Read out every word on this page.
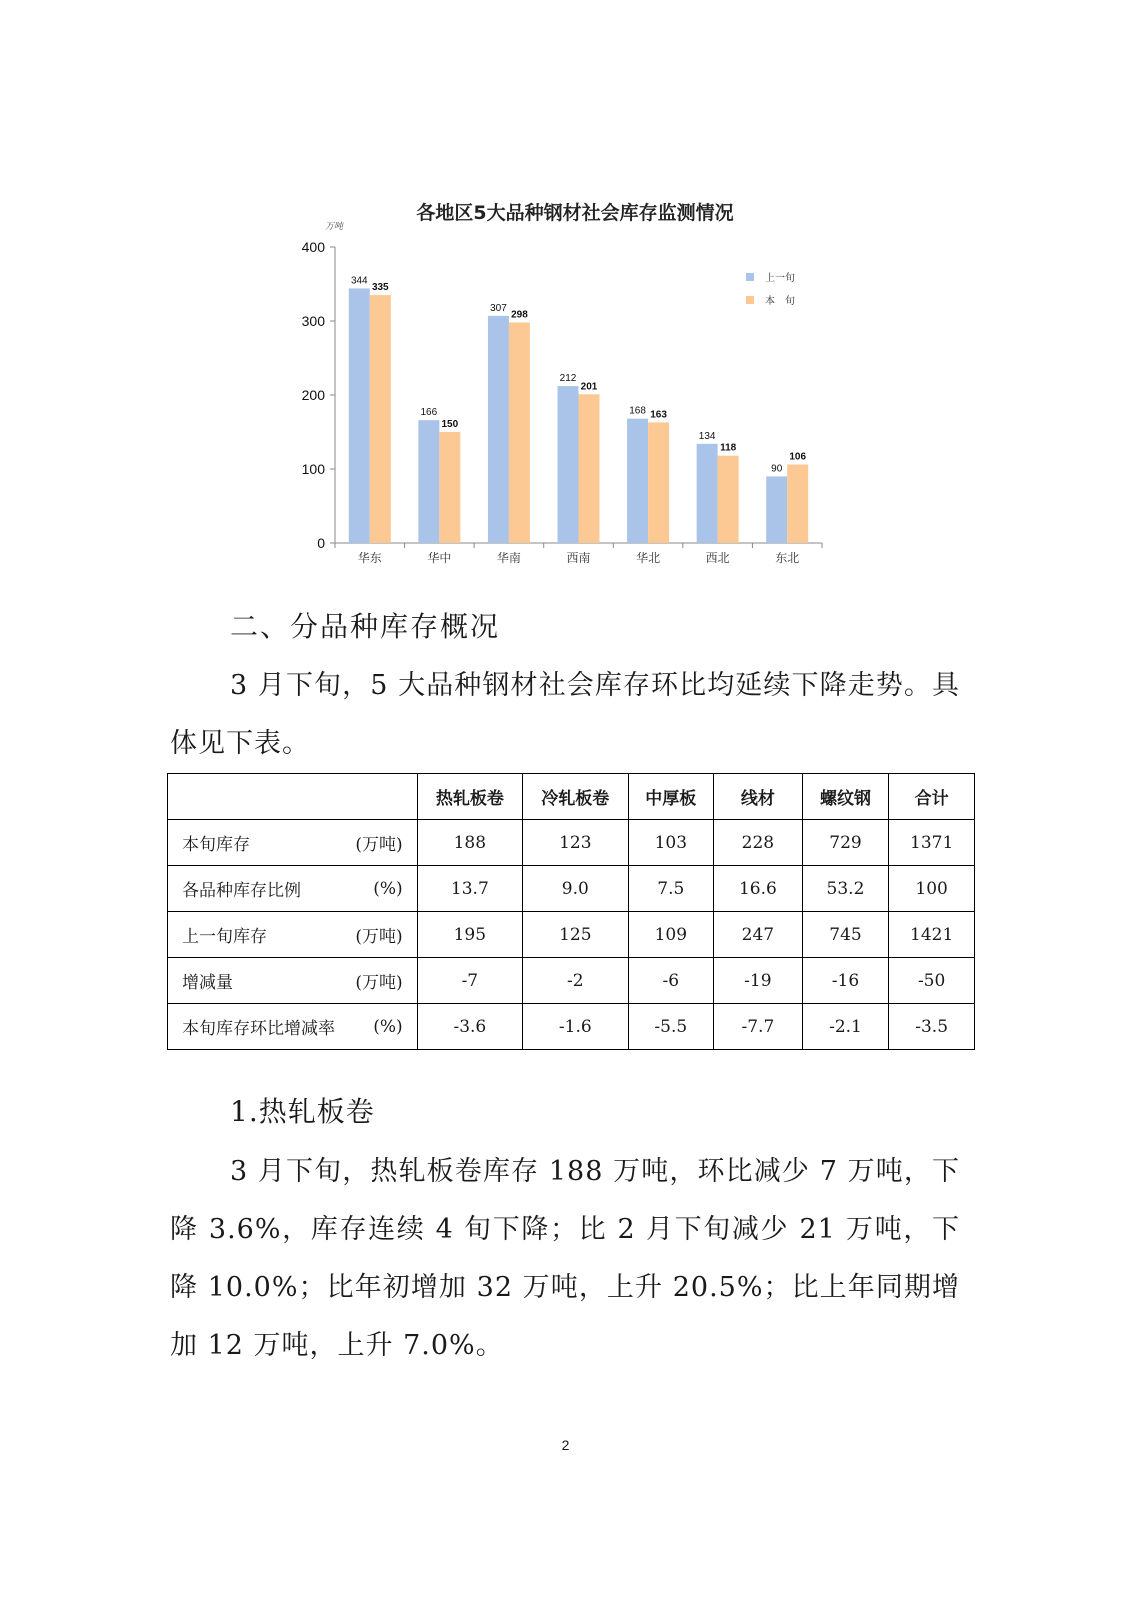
各地区5大品种钢材社会库存监测情况
万吨
0
100
200
300
400
华东	华中	华南	西南	华北	西北	东北
344
335
166
150
307
298
212
201
168 163
134
118
90
106
上一旬
本　旬
二、分品种库存概况

3 月下旬，5 大品种钢材社会库存环比均延续下降走势。具体见下表。

	热轧板卷	冷轧板卷	中厚板	线材	螺纹钢	合计

本旬库存 (万吨)	188	123	103	228	729	1371

各品种库存比例 (%)	13.7	9.0	7.5	16.6	53.2	100

上一旬库存 (万吨)	195	125	109	247	745	1421

增减量 (万吨)	-7	-2	-6	-19	-16	-50

本旬库存环比增减率 (%)	-3.6	-1.6	-5.5	-7.7	-2.1	-3.5
1.热轧板卷

3 月下旬，热轧板卷库存 188 万吨，环比减少 7 万吨，下降 3.6%，库存连续 4 旬下降；比 2 月下旬减少 21 万吨，下降 10.0%；比年初增加 32 万吨，上升 20.5%；比上年同期增加 12 万吨，上升 7.0%。

2
